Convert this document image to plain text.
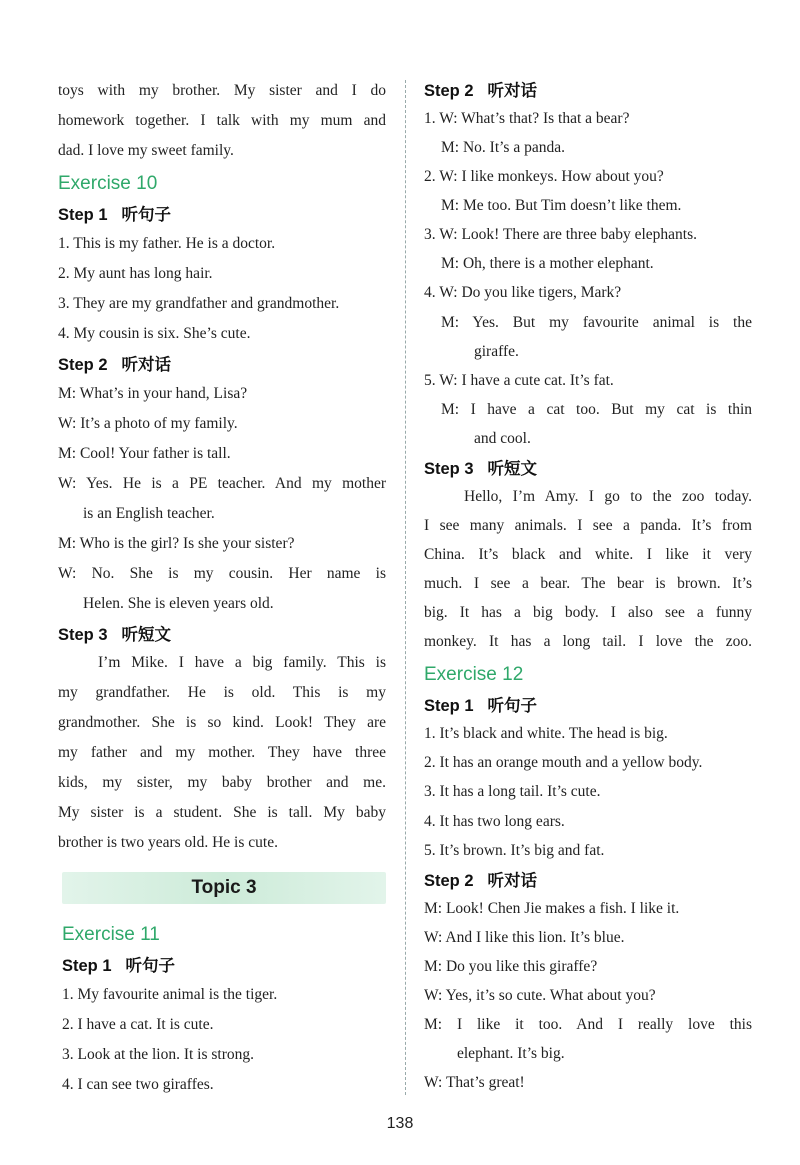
toys with my brother. My sister and I do
homework together. I talk with my mum and
dad. I love my sweet family.
Exercise 10
Step 1 听句子
1. This is my father. He is a doctor.
2. My aunt has long hair.
3. They are my grandfather and grandmother.
4. My cousin is six. She’s cute.
Step 2 听对话
M: What’s in your hand, Lisa?
W: It’s a photo of my family.
M: Cool! Your father is tall.
W: Yes. He is a PE teacher. And my mother
is an English teacher.
M: Who is the girl? Is she your sister?
W: No. She is my cousin. Her name is
Helen. She is eleven years old.
Step 3 听短文
I’m Mike. I have a big family. This is
my grandfather. He is old. This is my
grandmother. She is so kind. Look! They are
my father and my mother. They have three
kids, my sister, my baby brother and me.
My sister is a student. She is tall. My baby
brother is two years old. He is cute.
Exercise 11
Step 1 听句子
1. My favourite animal is the tiger.
2. I have a cat. It is cute.
3. Look at the lion. It is strong.
4. I can see two giraffes.
Topic 3
Step 2 听对话
1. W: What’s that? Is that a bear?
M: No. It’s a panda.
2. W: I like monkeys. How about you?
M: Me too. But Tim doesn’t like them.
3. W: Look! There are three baby elephants.
M: Oh, there is a mother elephant.
4. W: Do you like tigers, Mark?
M: Yes. But my favourite animal is the
giraffe.
5. W: I have a cute cat. It’s fat.
M: I have a cat too. But my cat is thin
and cool.
Step 3 听短文
Hello, I’m Amy. I go to the zoo today.
I see many animals. I see a panda. It’s from
China. It’s black and white. I like it very
much. I see a bear. The bear is brown. It’s
big. It has a big body. I also see a funny
monkey. It has a long tail. I love the zoo.
Exercise 12
Step 1 听句子
1. It’s black and white. The head is big.
2. It has an orange mouth and a yellow body.
3. It has a long tail. It’s cute.
4. It has two long ears.
5. It’s brown. It’s big and fat.
Step 2 听对话
M: Look! Chen Jie makes a fish. I like it.
W: And I like this lion. It’s blue.
M: Do you like this giraffe?
W: Yes, it’s so cute. What about you?
M: I like it too. And I really love this
elephant. It’s big.
W: That’s great!
138
